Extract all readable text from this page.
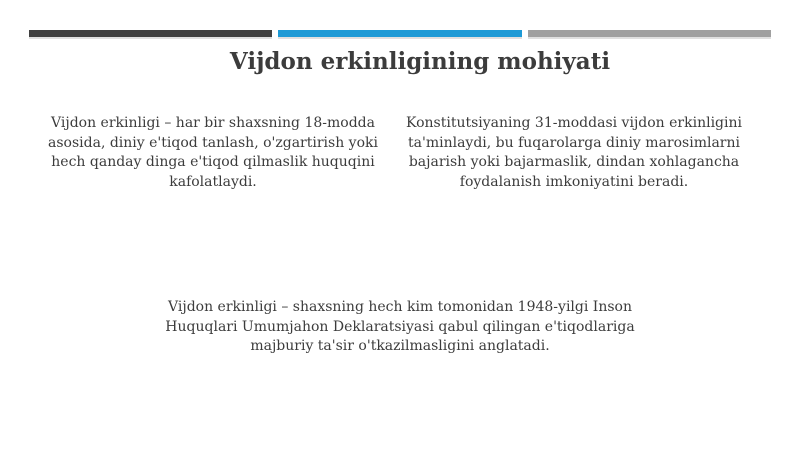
Vijdon erkinligining mohiyati

Vijdon erkinligi – har bir shaxsning 18-modda asosida, diniy e'tiqod tanlash, o'zgartirish yoki hech qanday dinga e'tiqod qilmaslik huquqini kafolatlaydi.

Konstitutsiyaning 31-moddasi vijdon erkinligini ta'minlaydi, bu fuqarolarga diniy marosimlarni bajarish yoki bajarmaslik, dindan xohlagancha foydalanish imkoniyatini beradi.

Vijdon erkinligi – shaxsning hech kim tomonidan 1948-yilgi Inson Huquqlari Umumjahon Deklaratsiyasi qabul qilingan e'tiqodlariga majburiy ta'sir o'tkazilmasligini anglatadi.
